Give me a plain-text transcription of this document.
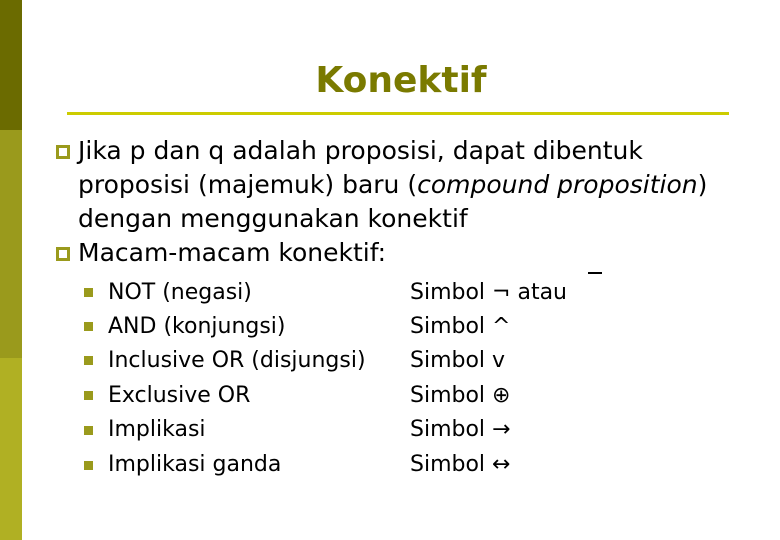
Konektif
Jika p dan q adalah proposisi, dapat dibentuk proposisi (majemuk) baru (compound proposition) dengan menggunakan konektif
Macam-macam konektif:
NOT (negasi)	Simbol ¬ atau
AND (konjungsi)	Simbol ^
Inclusive OR (disjungsi) Simbol v
Exclusive OR	Simbol ⊕
Implikasi	Simbol →
Implikasi ganda	Simbol ↔
